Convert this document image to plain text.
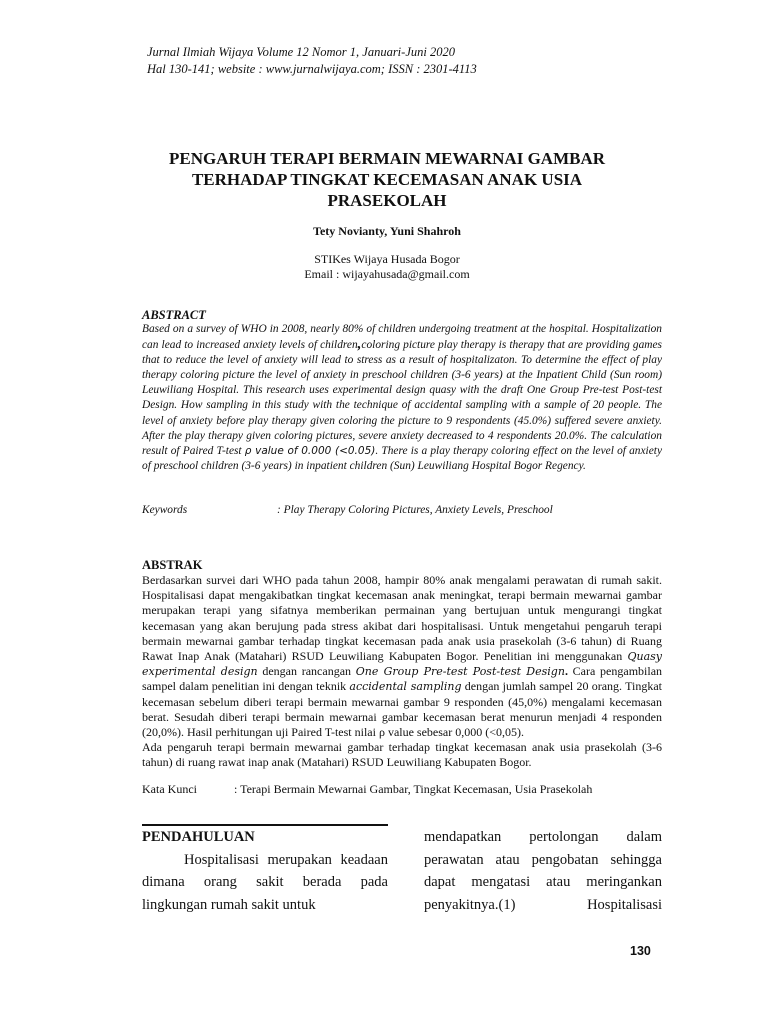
Jurnal Ilmiah Wijaya Volume 12 Nomor 1, Januari-Juni 2020
Hal 130-141; website : www.jurnalwijaya.com; ISSN : 2301-4113
PENGARUH TERAPI BERMAIN MEWARNAI GAMBAR
TERHADAP TINGKAT KECEMASAN ANAK USIA
PRASEKOLAH
Tety Novianty, Yuni Shahroh
STIKes Wijaya Husada Bogor
Email : wijayahusada@gmail.com
ABSTRACT
Based on a survey of WHO in 2008, nearly 80% of children undergoing treatment at the hospital. Hospitalization can lead to increased anxiety levels of children,coloring picture play therapy is therapy that are providing games that to reduce the level of anxiety will lead to stress as a result of hospitalizaton. To determine the effect of play therapy coloring picture the level of anxiety in preschool children (3-6 years) at the Inpatient Child (Sun room) Leuwiliang Hospital. This research uses experimental design quasy with the draft One Group Pre-test Post-test Design. How sampling in this study with the technique of accidental sampling with a sample of 20 people. The level of anxiety before play therapy given coloring the picture to 9 respondents (45.0%) suffered severe anxiety. After the play therapy given coloring pictures, severe anxiety decreased to 4 respondents 20.0%. The calculation result of Paired T-test ρ value of 0.000 (<0.05). There is a play therapy coloring effect on the level of anxiety of preschool children (3-6 years) in inpatient children (Sun) Leuwiliang Hospital Bogor Regency.
Keywords	: Play Therapy Coloring Pictures, Anxiety Levels, Preschool
ABSTRAK
Berdasarkan survei dari WHO pada tahun 2008, hampir 80% anak mengalami perawatan di rumah sakit. Hospitalisasi dapat mengakibatkan tingkat kecemasan anak meningkat, terapi bermain mewarnai gambar merupakan terapi yang sifatnya memberikan permainan yang bertujuan untuk mengurangi tingkat kecemasan yang akan berujung pada stress akibat dari hospitalisasi. Untuk mengetahui pengaruh terapi bermain mewarnai gambar terhadap tingkat kecemasan pada anak usia prasekolah (3-6 tahun) di Ruang Rawat Inap Anak (Matahari) RSUD Leuwiliang Kabupaten Bogor. Penelitian ini menggunakan Quasy experimental design dengan rancangan One Group Pre-test Post-test Design. Cara pengambilan sampel dalam penelitian ini dengan teknik accidental sampling dengan jumlah sampel 20 orang. Tingkat kecemasan sebelum diberi terapi bermain mewarnai gambar 9 responden (45,0%) mengalami kecemasan berat. Sesudah diberi terapi bermain mewarnai gambar kecemasan berat menurun menjadi 4 responden (20,0%). Hasil perhitungan uji Paired T-test nilai ρ value sebesar 0,000 (<0,05).
Ada pengaruh terapi bermain mewarnai gambar terhadap tingkat kecemasan anak usia prasekolah (3-6 tahun) di ruang rawat inap anak (Matahari) RSUD Leuwiliang Kabupaten Bogor.
Kata Kunci	: Terapi Bermain Mewarnai Gambar, Tingkat Kecemasan, Usia Prasekolah
PENDAHULUAN
Hospitalisasi merupakan keadaan dimana orang sakit berada pada lingkungan rumah sakit untuk
mendapatkan pertolongan dalam
perawatan atau pengobatan sehingga
dapat mengatasi atau meringankan
penyakitnya.(1) Hospitalisasi
130
